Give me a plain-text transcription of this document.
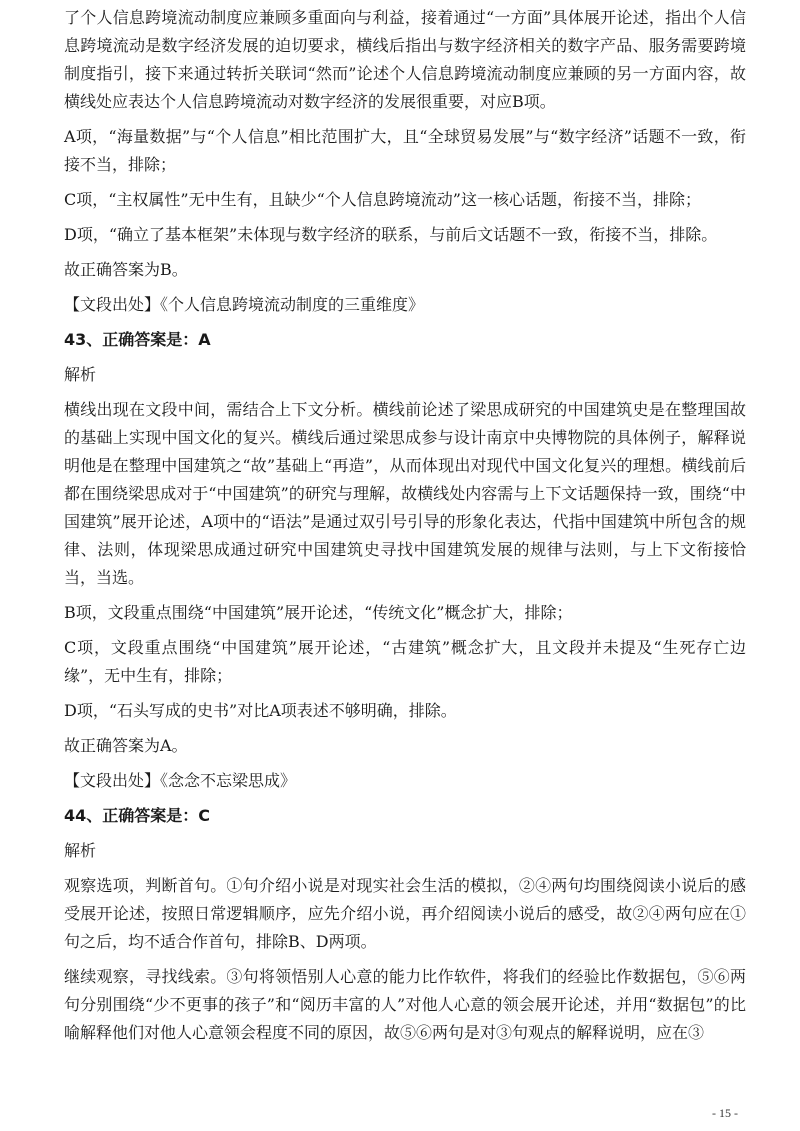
了个人信息跨境流动制度应兼顾多重面向与利益，接着通过“一方面”具体展开论述，指出个人信息跨境流动是数字经济发展的迫切要求，横线后指出与数字经济相关的数字产品、服务需要跨境制度指引，接下来通过转折关联词“然而”论述个人信息跨境流动制度应兼顾的另一方面内容，故横线处应表达个人信息跨境流动对数字经济的发展很重要，对应B项。

A项，“海量数据”与“个人信息”相比范围扩大，且“全球贸易发展”与“数字经济”话题不一致，衔接不当，排除；

C项，“主权属性”无中生有，且缺少“个人信息跨境流动”这一核心话题，衔接不当，排除；

D项，“确立了基本框架”未体现与数字经济的联系，与前后文话题不一致，衔接不当，排除。

故正确答案为B。

【文段出处】《个人信息跨境流动制度的三重维度》

43、正确答案是：A

解析

横线出现在文段中间，需结合上下文分析。横线前论述了梁思成研究的中国建筑史是在整理国故的基础上实现中国文化的复兴。横线后通过梁思成参与设计南京中央博物院的具体例子，解释说明他是在整理中国建筑之“故”基础上“再造”，从而体现出对现代中国文化复兴的理想。横线前后都在围绕梁思成对于“中国建筑”的研究与理解，故横线处内容需与上下文话题保持一致，围绕“中国建筑”展开论述，A项中的“语法”是通过双引号引导的形象化表达，代指中国建筑中所包含的规律、法则，体现梁思成通过研究中国建筑史寻找中国建筑发展的规律与法则，与上下文衔接恰当，当选。

B项，文段重点围绕“中国建筑”展开论述，“传统文化”概念扩大，排除；

C项，文段重点围绕“中国建筑”展开论述，“古建筑”概念扩大，且文段并未提及“生死存亡边缘”，无中生有，排除；

D项，“石头写成的史书”对比A项表述不够明确，排除。

故正确答案为A。

【文段出处】《念念不忘梁思成》

44、正确答案是：C

解析

观察选项，判断首句。①句介绍小说是对现实社会生活的模拟，②④两句均围绕阅读小说后的感受展开论述，按照日常逻辑顺序，应先介绍小说，再介绍阅读小说后的感受，故②④两句应在①句之后，均不适合作首句，排除B、D两项。

继续观察，寻找线索。③句将领悟别人心意的能力比作软件，将我们的经验比作数据包，⑤⑥两句分别围绕“少不更事的孩子”和“阅历丰富的人”对他人心意的领会展开论述，并用“数据包”的比喻解释他们对他人心意领会程度不同的原因，故⑤⑥两句是对③句观点的解释说明，应在③

- 15 -
